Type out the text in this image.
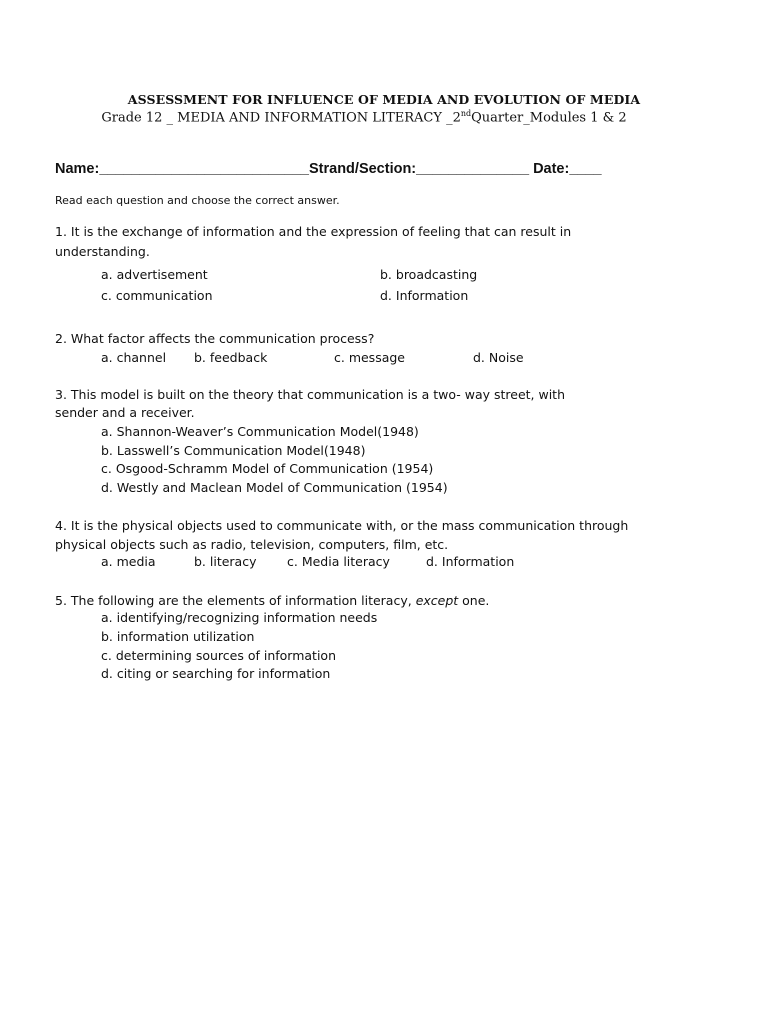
ASSESSMENT FOR INFLUENCE OF MEDIA AND EVOLUTION OF MEDIA
Grade 12 _ MEDIA AND INFORMATION LITERACY _2ndQuarter_Modules 1 & 2
Name:__________________________Strand/Section:______________ Date:____
Read each question and choose the correct answer.
1. It is the exchange of information and the expression of feeling that can result in
understanding.
a. advertisement	b. broadcasting
c. communication	d. Information
2. What factor affects the communication process?
a. channel b. feedback	c. message	d. Noise
3. This model is built on the theory that communication is a two- way street, with
sender and a receiver.
a. Shannon-Weaver’s Communication Model(1948)
b. Lasswell’s Communication Model(1948)
c. Osgood-Schramm Model of Communication (1954)
d. Westly and Maclean Model of Communication (1954)
4. It is the physical objects used to communicate with, or the mass communication through
physical objects such as radio, television, computers, film, etc.
a. media	b. literacy c. Media literacy	d. Information
5. The following are the elements of information literacy, except one.
a. identifying/recognizing information needs
b. information utilization
c. determining sources of information
d. citing or searching for information
